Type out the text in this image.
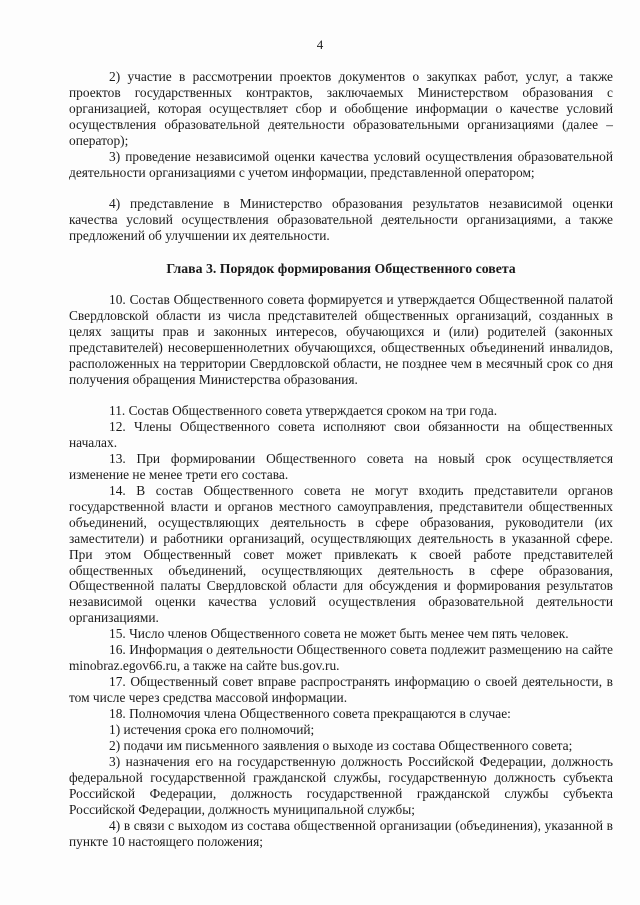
4
2) участие в рассмотрении проектов документов о закупках работ, услуг, а также проектов государственных контрактов, заключаемых Министерством образования с организацией, которая осуществляет сбор и обобщение информации о качестве условий осуществления образовательной деятельности образовательными организациями (далее – оператор);
3) проведение независимой оценки качества условий осуществления образовательной деятельности организациями с учетом информации, представленной оператором;
4) представление в Министерство образования результатов независимой оценки качества условий осуществления образовательной деятельности организациями, а также предложений об улучшении их деятельности.
Глава 3. Порядок формирования Общественного совета
10. Состав Общественного совета формируется и утверждается Общественной палатой Свердловской области из числа представителей общественных организаций, созданных в целях защиты прав и законных интересов, обучающихся и (или) родителей (законных представителей) несовершеннолетних обучающихся, общественных объединений инвалидов, расположенных на территории Свердловской области, не позднее чем в месячный срок со дня получения обращения Министерства образования.
11. Состав Общественного совета утверждается сроком на три года.
12. Члены Общественного совета исполняют свои обязанности на общественных началах.
13. При формировании Общественного совета на новый срок осуществляется изменение не менее трети его состава.
14. В состав Общественного совета не могут входить представители органов государственной власти и органов местного самоуправления, представители общественных объединений, осуществляющих деятельность в сфере образования, руководители (их заместители) и работники организаций, осуществляющих деятельность в указанной сфере. При этом Общественный совет может привлекать к своей работе представителей общественных объединений, осуществляющих деятельность в сфере образования, Общественной палаты Свердловской области для обсуждения и формирования результатов независимой оценки качества условий осуществления образовательной деятельности организациями.
15. Число членов Общественного совета не может быть менее чем пять человек.
16. Информация о деятельности Общественного совета подлежит размещению на сайте minobraz.egov66.ru, а также на сайте bus.gov.ru.
17. Общественный совет вправе распространять информацию о своей деятельности, в том числе через средства массовой информации.
18. Полномочия члена Общественного совета прекращаются в случае:
1) истечения срока его полномочий;
2) подачи им письменного заявления о выходе из состава Общественного совета;
3) назначения его на государственную должность Российской Федерации, должность федеральной государственной гражданской службы, государственную должность субъекта Российской Федерации, должность государственной гражданской службы субъекта Российской Федерации, должность муниципальной службы;
4) в связи с выходом из состава общественной организации (объединения), указанной в пункте 10 настоящего положения;
